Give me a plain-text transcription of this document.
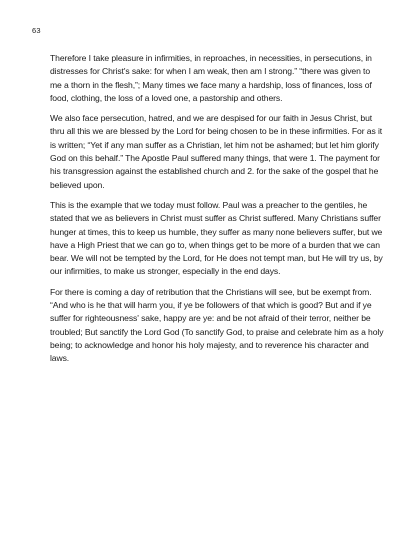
63

Therefore I take pleasure in infirmities, in reproaches, in necessities, in persecutions, in distresses for Christ's sake: for when I am weak, then am I strong.” “there was given to me a thorn in the flesh,”; Many times we face many a hardship, loss of finances, loss of food, clothing, the loss of a loved one, a pastorship and others.

We also face persecution, hatred, and we are despised for our faith in Jesus Christ, but thru all this we are blessed by the Lord for being chosen to be in these infirmities. For as it is written; “Yet if any man suffer as a Christian, let him not be ashamed; but let him glorify God on this behalf.” The Apostle Paul suffered many things, that were 1. The payment for his transgression against the established church and 2. for the sake of the gospel that he believed upon.

This is the example that we today must follow. Paul was a preacher to the gentiles, he stated that we as believers in Christ must suffer as Christ suffered. Many Christians suffer hunger at times, this to keep us humble, they suffer as many none believers suffer, but we have a High Priest that we can go to, when things get to be more of a burden that we can bear. We will not be tempted by the Lord, for He does not tempt man, but He will try us, by our infirmities, to make us stronger, especially in the end days.

For there is coming a day of retribution that the Christians will see, but be exempt from. “And who is he that will harm you, if ye be followers of that which is good? But and if ye suffer for righteousness' sake, happy are ye: and be not afraid of their terror, neither be troubled; But sanctify the Lord God (To sanctify God, to praise and celebrate him as a holy being; to acknowledge and honor his holy majesty, and to reverence his character and laws.
